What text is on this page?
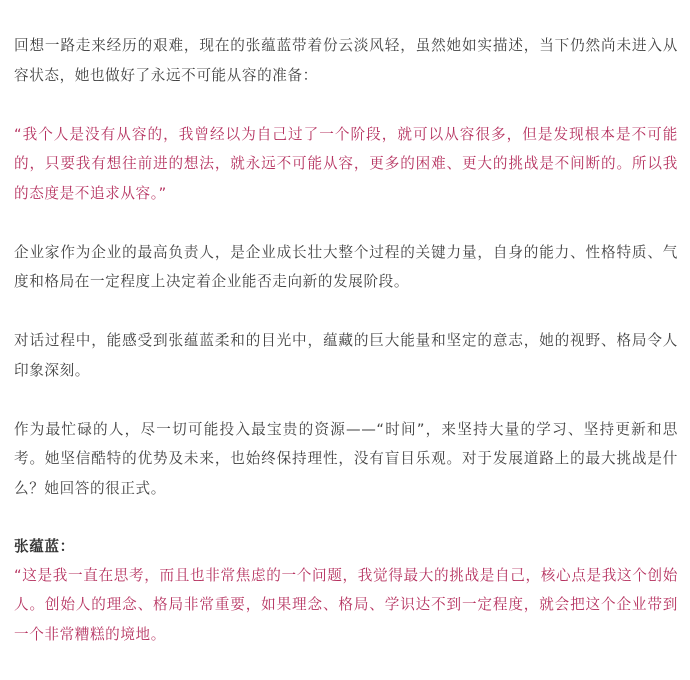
回想一路走来经历的艰难，现在的张蕴蓝带着份云淡风轻，虽然她如实描述，当下仍然尚未进入从容状态，她也做好了永远不可能从容的准备：

“我个人是没有从容的，我曾经以为自己过了一个阶段，就可以从容很多，但是发现根本是不可能的，只要我有想往前进的想法，就永远不可能从容，更多的困难、更大的挑战是不间断的。所以我的态度是不追求从容。”

企业家作为企业的最高负责人，是企业成长壮大整个过程的关键力量，自身的能力、性格特质、气度和格局在一定程度上决定着企业能否走向新的发展阶段。

对话过程中，能感受到张蕴蓝柔和的目光中，蕴藏的巨大能量和坚定的意志，她的视野、格局令人印象深刻。

作为最忙碌的人，尽一切可能投入最宝贵的资源——“时间”，来坚持大量的学习、坚持更新和思考。她坚信酷特的优势及未来，也始终保持理性，没有盲目乐观。对于发展道路上的最大挑战是什么？她回答的很正式。

张蕴蓝：

“这是我一直在思考，而且也非常焦虑的一个问题，我觉得最大的挑战是自己，核心点是我这个创始人。创始人的理念、格局非常重要，如果理念、格局、学识达不到一定程度，就会把这个企业带到一个非常糟糕的境地。
